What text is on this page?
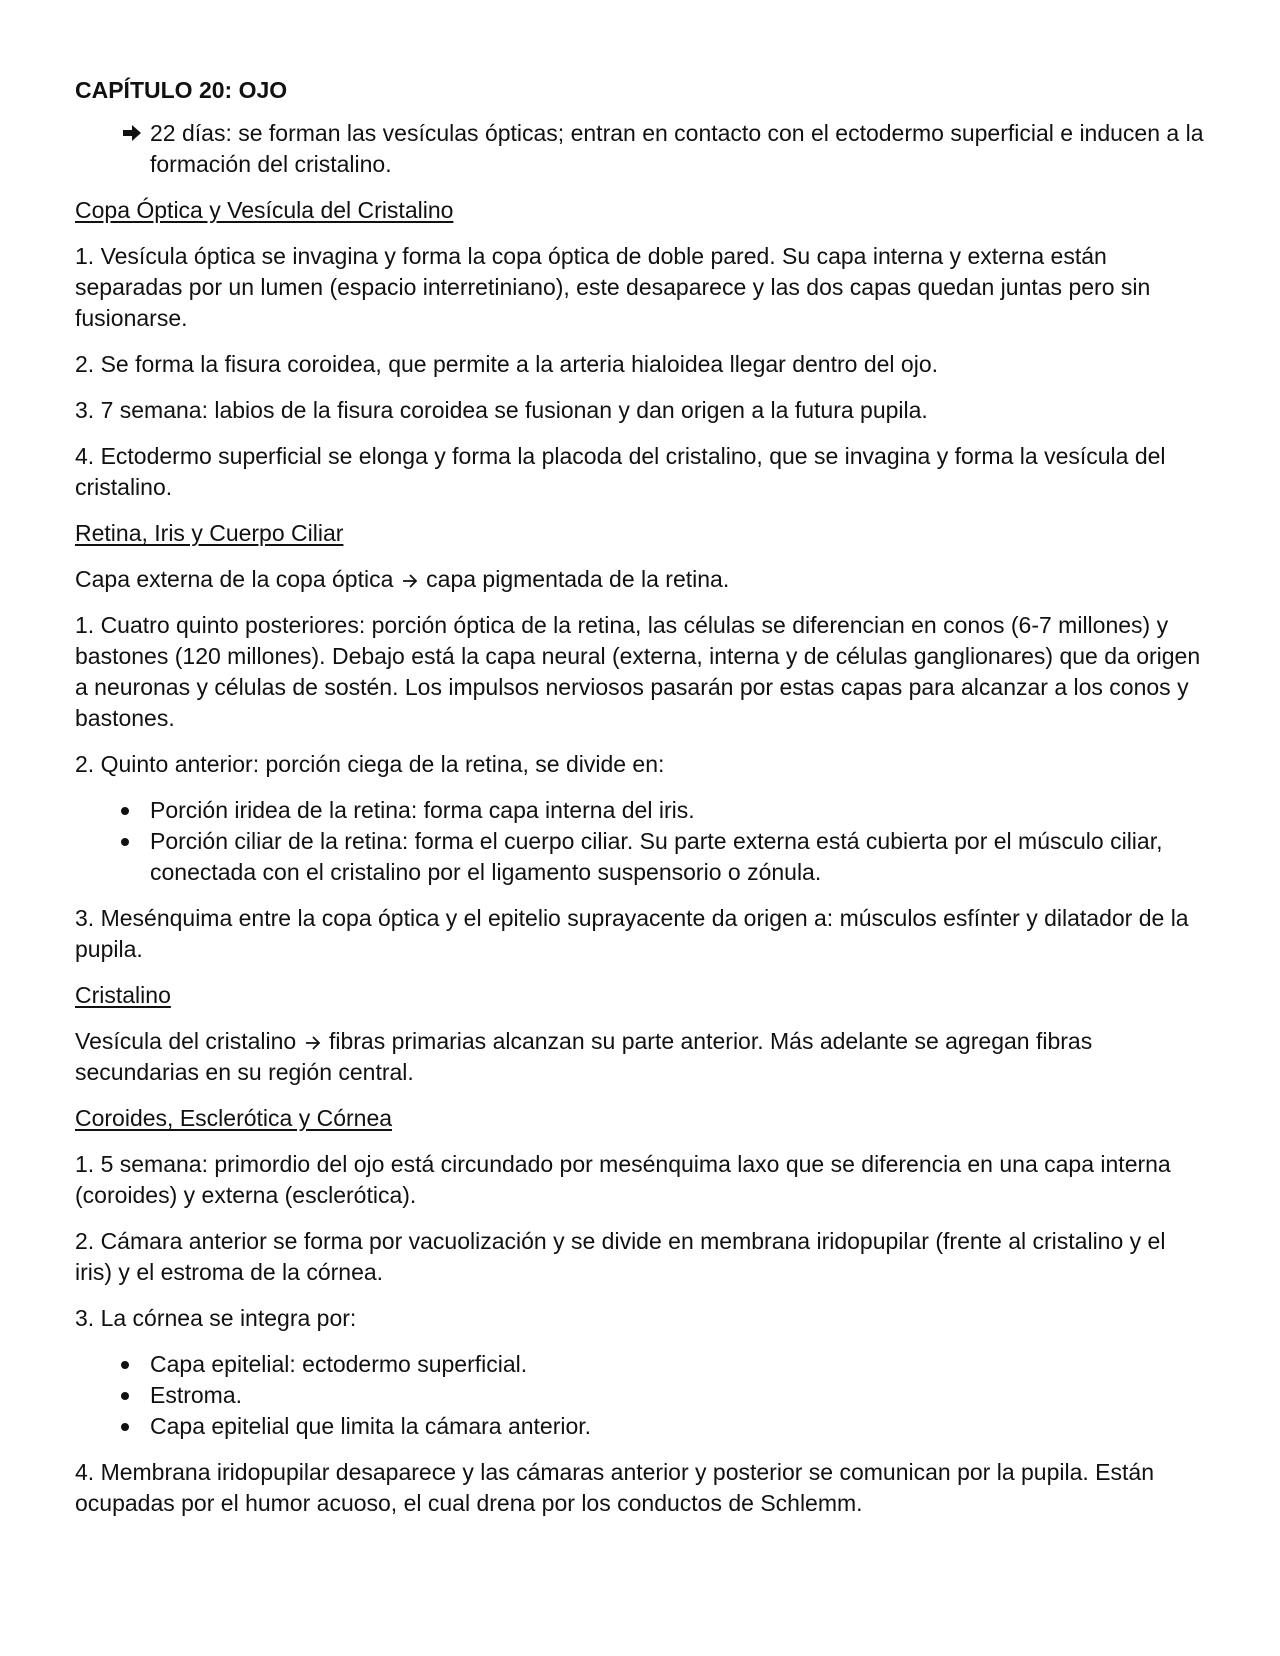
CAPÍTULO 20: OJO
22 días: se forman las vesículas ópticas; entran en contacto con el ectodermo superficial e inducen a la formación del cristalino.
Copa Óptica y Vesícula del Cristalino

1. Vesícula óptica se invagina y forma la copa óptica de doble pared. Su capa interna y externa están separadas por un lumen (espacio interretiniano), este desaparece y las dos capas quedan juntas pero sin fusionarse.

2. Se forma la fisura coroidea, que permite a la arteria hialoidea llegar dentro del ojo.

3. 7 semana: labios de la fisura coroidea se fusionan y dan origen a la futura pupila.

4. Ectodermo superficial se elonga y forma la placoda del cristalino, que se invagina y forma la vesícula del cristalino.

Retina, Iris y Cuerpo Ciliar

Capa externa de la copa óptica capa pigmentada de la retina.

1. Cuatro quinto posteriores: porción óptica de la retina, las células se diferencian en conos (6-7 millones) y bastones (120 millones). Debajo está la capa neural (externa, interna y de células ganglionares) que da origen a neuronas y células de sostén. Los impulsos nerviosos pasarán por estas capas para alcanzar a los conos y bastones.

2. Quinto anterior: porción ciega de la retina, se divide en:

Porción iridea de la retina: forma capa interna del iris.
Porción ciliar de la retina: forma el cuerpo ciliar. Su parte externa está cubierta por el músculo ciliar, conectada con el cristalino por el ligamento suspensorio o zónula.

3. Mesénquima entre la copa óptica y el epitelio suprayacente da origen a: músculos esfínter y dilatador de la pupila.

Cristalino

Vesícula del cristalino fibras primarias alcanzan su parte anterior. Más adelante se agregan fibras secundarias en su región central.

Coroides, Esclerótica y Córnea

1. 5 semana: primordio del ojo está circundado por mesénquima laxo que se diferencia en una capa interna (coroides) y externa (esclerótica).

2. Cámara anterior se forma por vacuolización y se divide en membrana iridopupilar (frente al cristalino y el iris) y el estroma de la córnea.

3. La córnea se integra por:

Capa epitelial: ectodermo superficial.
Estroma.
Capa epitelial que limita la cámara anterior.

4. Membrana iridopupilar desaparece y las cámaras anterior y posterior se comunican por la pupila. Están ocupadas por el humor acuoso, el cual drena por los conductos de Schlemm.
